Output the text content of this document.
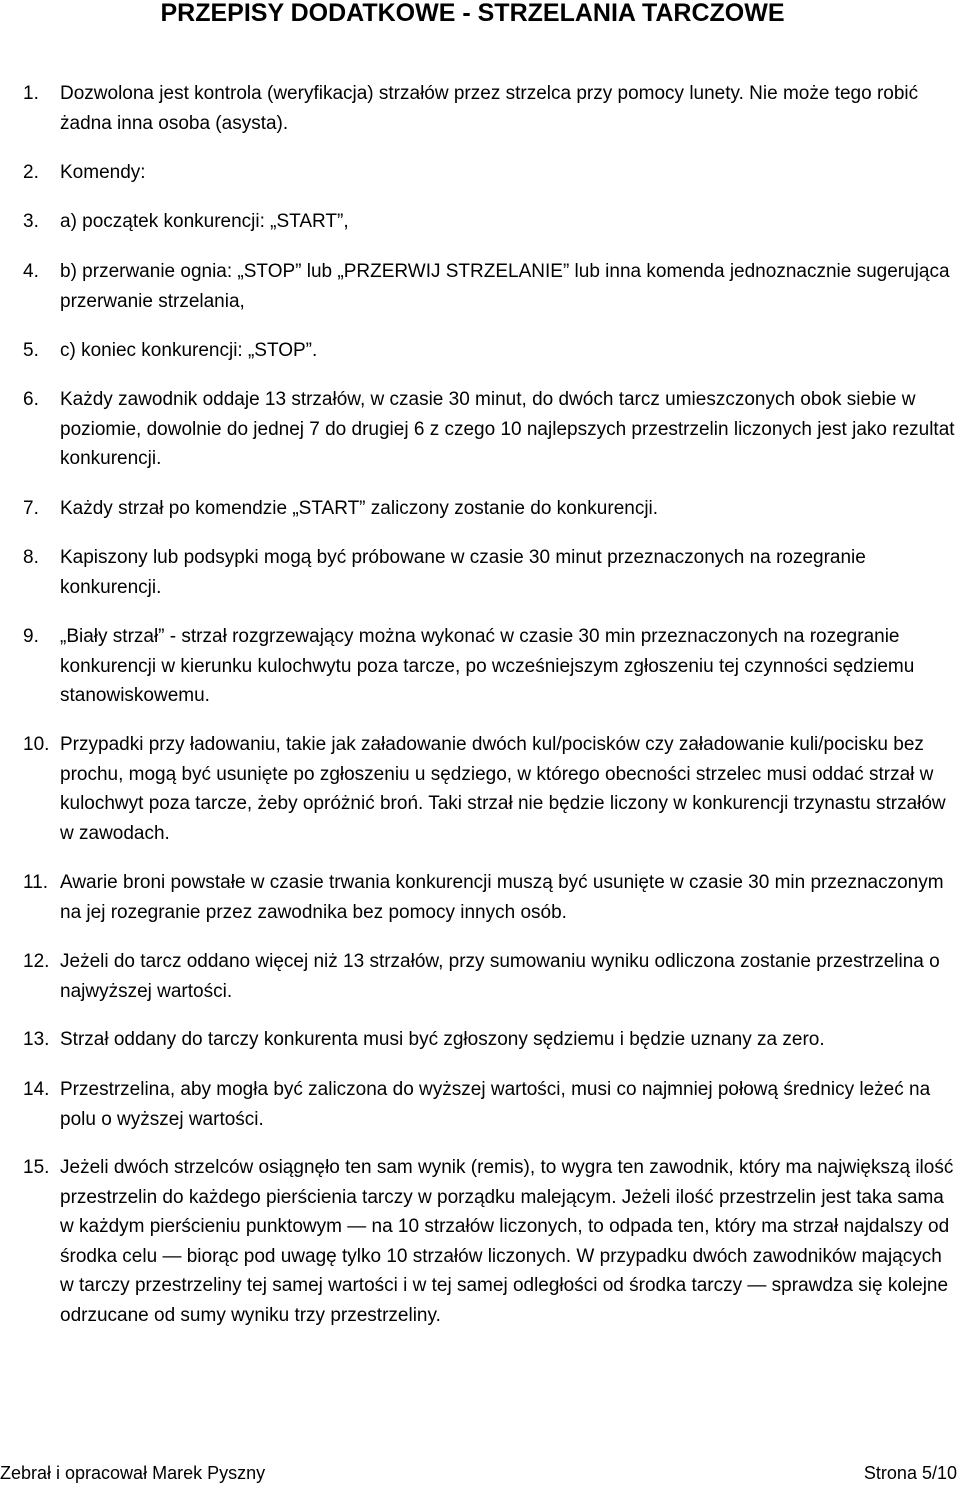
PRZEPISY DODATKOWE - STRZELANIA TARCZOWE
1. Dozwolona jest kontrola (weryfikacja) strzałów przez strzelca przy pomocy lunety. Nie może tego robić żadna inna osoba (asysta).
2. Komendy:
3. a) początek konkurencji: „START”,
4. b) przerwanie ognia: „STOP” lub „PRZERWIJ STRZELANIE” lub inna komenda jednoznacznie sugerująca przerwanie strzelania,
5. c) koniec konkurencji: „STOP”.
6. Każdy zawodnik oddaje 13 strzałów, w czasie 30 minut, do dwóch tarcz umieszczonych obok siebie w poziomie, dowolnie do jednej 7 do drugiej 6 z czego 10 najlepszych przestrzelin liczonych jest jako rezultat konkurencji.
7. Każdy strzał po komendzie „START” zaliczony zostanie do konkurencji.
8. Kapiszony lub podsypki mogą być próbowane w czasie 30 minut przeznaczonych na rozegranie konkurencji.
9. „Biały strzał” - strzał rozgrzewający można wykonać w czasie 30 min przeznaczonych na rozegranie konkurencji w kierunku kulochwytu poza tarcze, po wcześniejszym zgłoszeniu tej czynności sędziemu stanowiskowemu.
10. Przypadki przy ładowaniu, takie jak załadowanie dwóch kul/pocisków czy załadowanie kuli/pocisku bez prochu, mogą być usunięte po zgłoszeniu u sędziego, w którego obecności strzelec musi oddać strzał w kulochwyt poza tarcze, żeby opróżnić broń. Taki strzał nie będzie liczony w konkurencji trzynastu strzałów w zawodach.
11. Awarie broni powstałe w czasie trwania konkurencji muszą być usunięte w czasie 30 min przeznaczonym na jej rozegranie przez zawodnika bez pomocy innych osób.
12. Jeżeli do tarcz oddano więcej niż 13 strzałów, przy sumowaniu wyniku odliczona zostanie przestrzelina o najwyższej wartości.
13. Strzał oddany do tarczy konkurenta musi być zgłoszony sędziemu i będzie uznany za zero.
14. Przestrzelina, aby mogła być zaliczona do wyższej wartości, musi co najmniej połową średnicy leżeć na polu o wyższej wartości.
15. Jeżeli dwóch strzelców osiągnęło ten sam wynik (remis), to wygra ten zawodnik, który ma największą ilość przestrzelin do każdego pierścienia tarczy w porządku malejącym. Jeżeli ilość przestrzelin jest taka sama w każdym pierścieniu punktowym — na 10 strzałów liczonych, to odpada ten, który ma strzał najdalszy od środka celu — biorąc pod uwagę tylko 10 strzałów liczonych. W przypadku dwóch zawodników mających w tarczy przestrzeliny tej samej wartości i w tej samej odległości od środka tarczy — sprawdza się kolejne odrzucane od sumy wyniku trzy przestrzeliny.
Zebrał i opracował Marek Pyszny	Strona 5/10
